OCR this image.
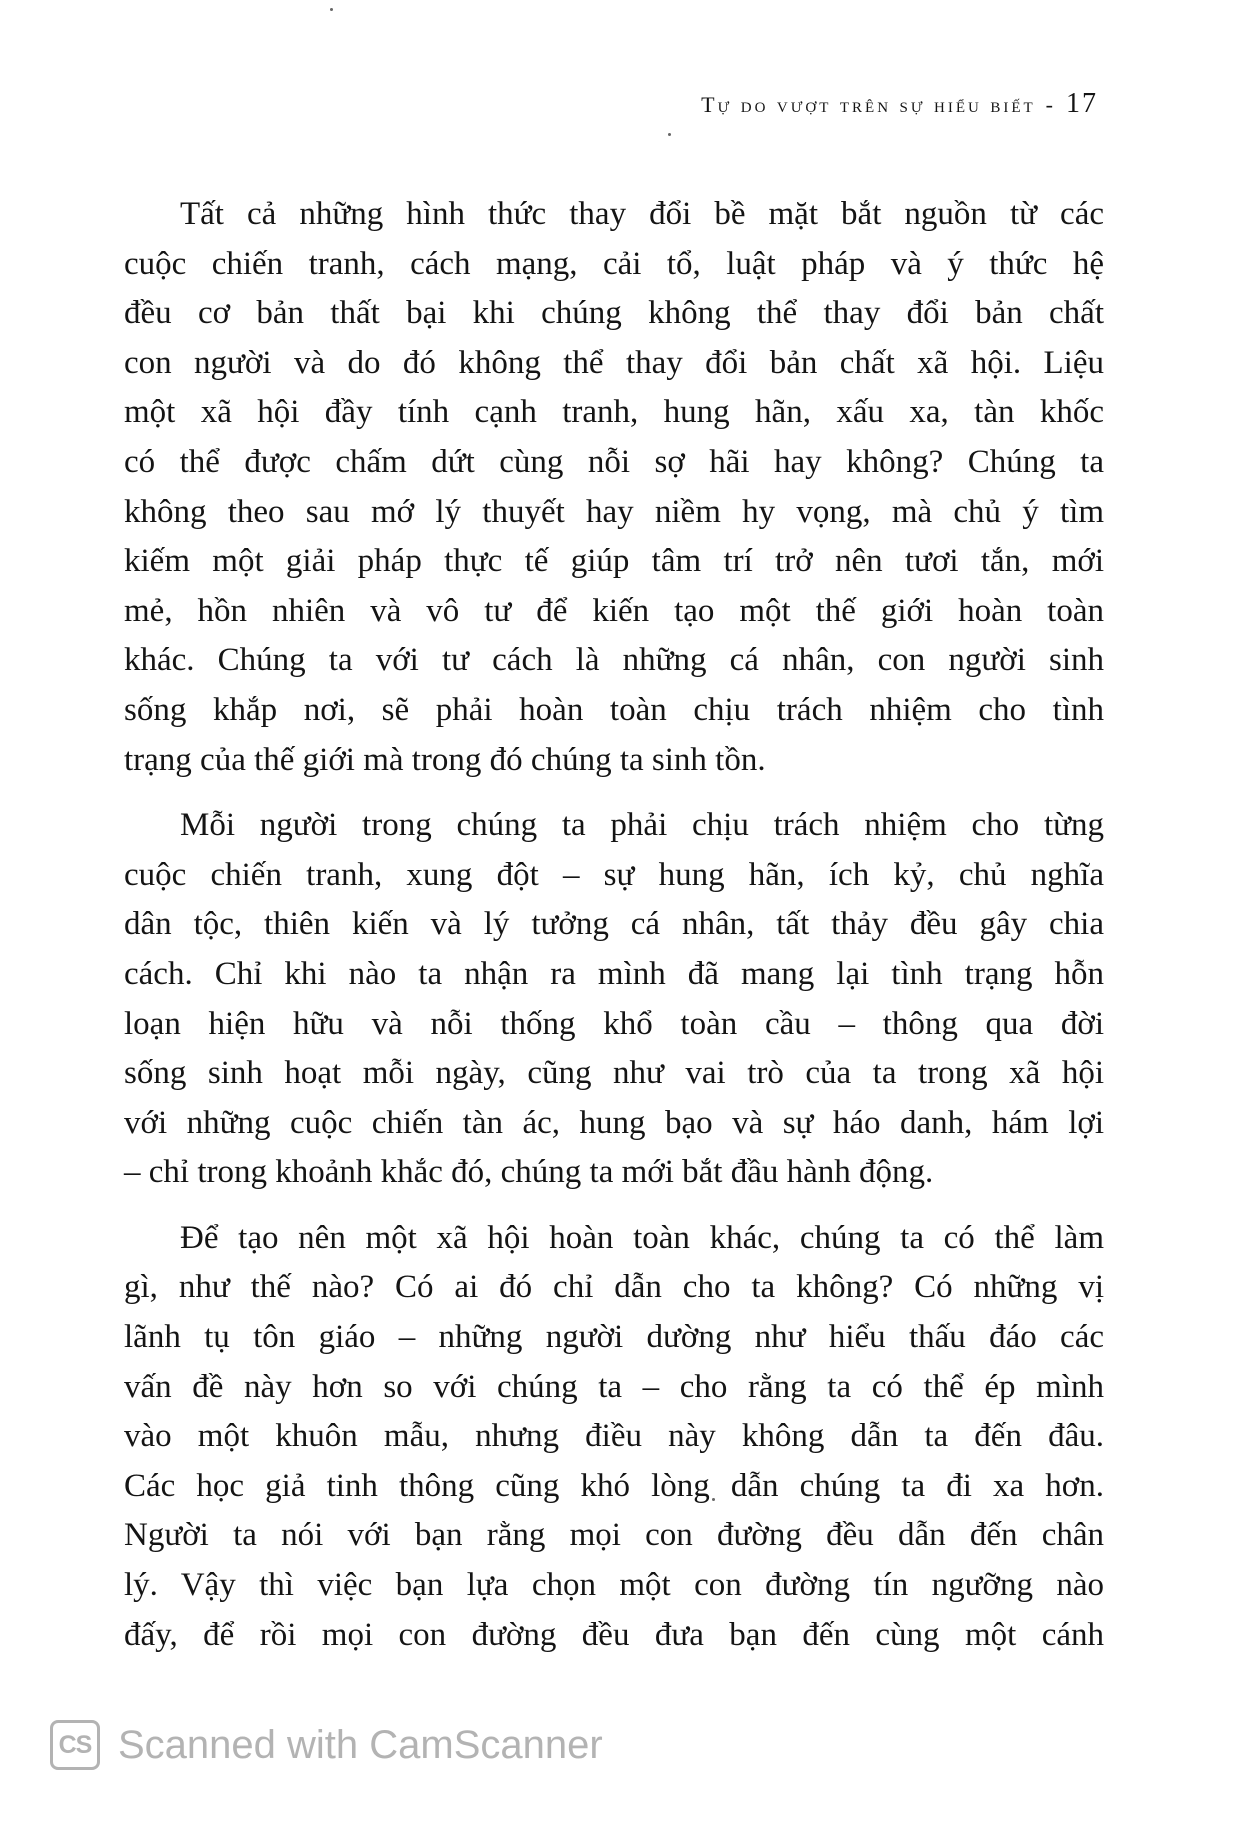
Tự do vượt trên sự hiểu biết - 17
Tất cả những hình thức thay đổi bề mặt bắt nguồn từ các
cuộc chiến tranh, cách mạng, cải tổ, luật pháp và ý thức hệ
đều cơ bản thất bại khi chúng không thể thay đổi bản chất
con người và do đó không thể thay đổi bản chất xã hội. Liệu
một xã hội đầy tính cạnh tranh, hung hãn, xấu xa, tàn khốc
có thể được chấm dứt cùng nỗi sợ hãi hay không? Chúng ta
không theo sau mớ lý thuyết hay niềm hy vọng, mà chủ ý tìm
kiếm một giải pháp thực tế giúp tâm trí trở nên tươi tắn, mới
mẻ, hồn nhiên và vô tư để kiến tạo một thế giới hoàn toàn
khác. Chúng ta với tư cách là những cá nhân, con người sinh
sống khắp nơi, sẽ phải hoàn toàn chịu trách nhiệm cho tình
trạng của thế giới mà trong đó chúng ta sinh tồn.
Mỗi người trong chúng ta phải chịu trách nhiệm cho từng
cuộc chiến tranh, xung đột – sự hung hãn, ích kỷ, chủ nghĩa
dân tộc, thiên kiến và lý tưởng cá nhân, tất thảy đều gây chia
cách. Chỉ khi nào ta nhận ra mình đã mang lại tình trạng hỗn
loạn hiện hữu và nỗi thống khổ toàn cầu – thông qua đời
sống sinh hoạt mỗi ngày, cũng như vai trò của ta trong xã hội
với những cuộc chiến tàn ác, hung bạo và sự háo danh, hám lợi
– chỉ trong khoảnh khắc đó, chúng ta mới bắt đầu hành động.
Để tạo nên một xã hội hoàn toàn khác, chúng ta có thể làm
gì, như thế nào? Có ai đó chỉ dẫn cho ta không? Có những vị
lãnh tụ tôn giáo – những người dường như hiểu thấu đáo các
vấn đề này hơn so với chúng ta – cho rằng ta có thể ép mình
vào một khuôn mẫu, nhưng điều này không dẫn ta đến đâu.
Các học giả tinh thông cũng khó lòng dẫn chúng ta đi xa hơn.
Người ta nói với bạn rằng mọi con đường đều dẫn đến chân
lý. Vậy thì việc bạn lựa chọn một con đường tín ngưỡng nào
đấy, để rồi mọi con đường đều đưa bạn đến cùng một cánh
CS Scanned with CamScanner
